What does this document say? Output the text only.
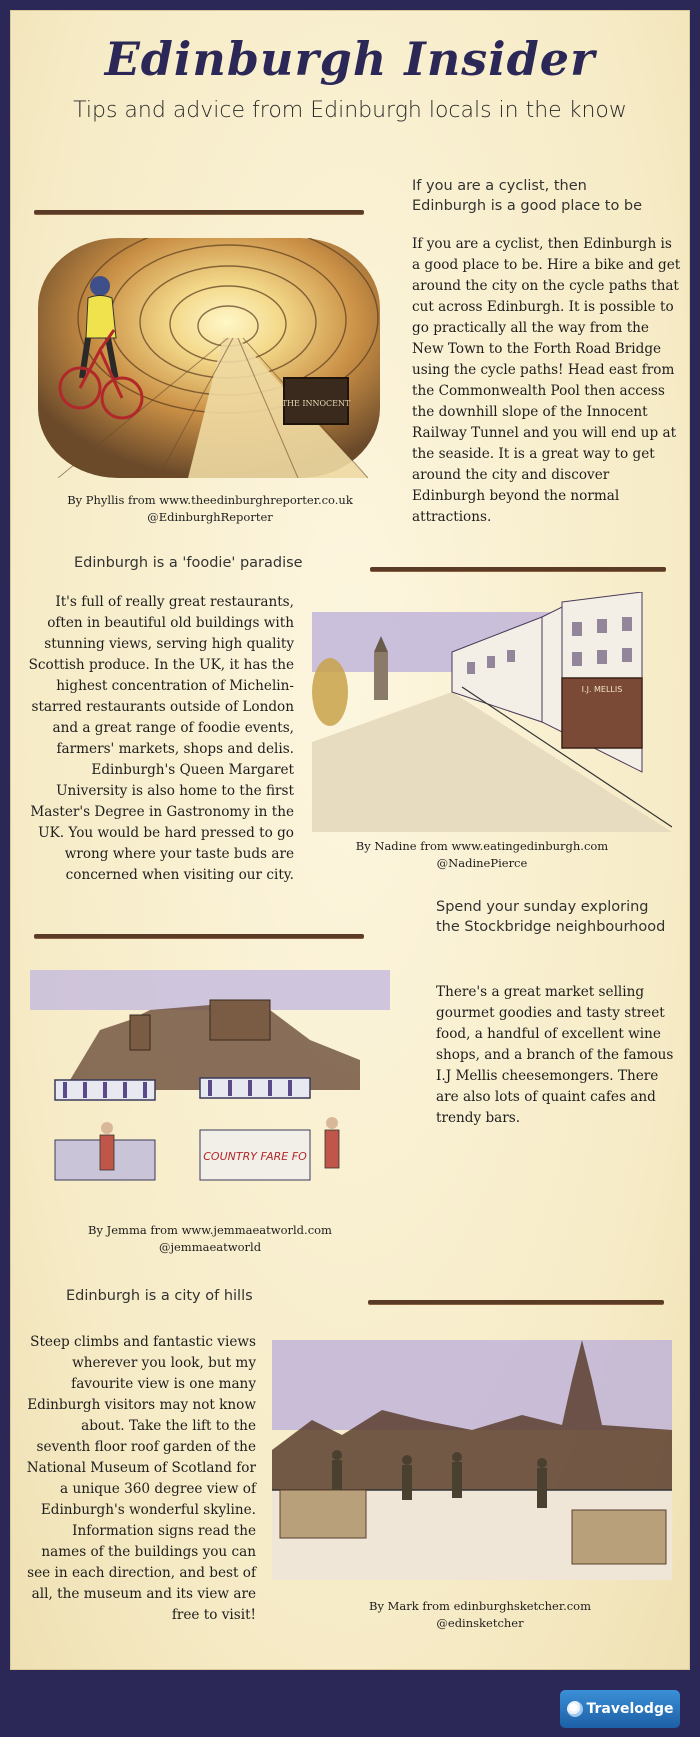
Edinburgh Insider
Tips and advice from Edinburgh locals in the know
If you are a cyclist, then
Edinburgh is a good place to be
THE INNOCENT
By Phyllis from www.theedinburghreporter.co.uk
@EdinburghReporter
If you are a cyclist, then Edinburgh is a good place to be. Hire a bike and get around the city on the cycle paths that cut across Edinburgh. It is possible to go practically all the way from the New Town to the Forth Road Bridge using the cycle paths! Head east from the Commonwealth Pool then access the downhill slope of the Innocent Railway Tunnel and you will end up at the seaside. It is a great way to get around the city and discover Edinburgh beyond the normal attractions.
Edinburgh is a 'foodie' paradise
It's full of really great restaurants, often in beautiful old buildings with stunning views, serving high quality Scottish produce. In the UK, it has the highest concentration of Michelin-starred restaurants outside of London and a great range of foodie events, farmers' markets, shops and delis. Edinburgh's Queen Margaret University is also home to the first Master's Degree in Gastronomy in the UK. You would be hard pressed to go wrong where your taste buds are concerned when visiting our city.
I.J. MELLIS
By Nadine from www.eatingedinburgh.com
@NadinePierce
Spend your sunday exploring
the Stockbridge neighbourhood
COUNTRY FARE FO
By Jemma from www.jemmaeatworld.com
@jemmaeatworld
There's a great market selling gourmet goodies and tasty street food, a handful of excellent wine shops, and a branch of the famous I.J Mellis cheesemongers. There are also lots of quaint cafes and trendy bars.
Edinburgh is a city of hills
Steep climbs and fantastic views wherever you look, but my favourite view is one many Edinburgh visitors may not know about. Take the lift to the seventh floor roof garden of the National Museum of Scotland for a unique 360 degree view of Edinburgh's wonderful skyline. Information signs read the names of the buildings you can see in each direction, and best of all, the museum and its view are free to visit!
By Mark from edinburghsketcher.com
@edinsketcher
Travelodge
